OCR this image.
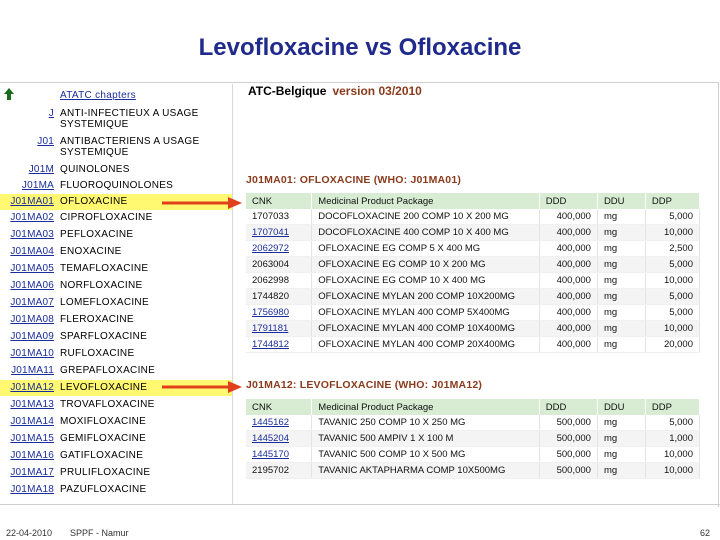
Levofloxacine vs Ofloxacine
ATATC chapters
J ANTI-INFECTIEUX A USAGE SYSTEMIQUE
J01 ANTIBACTERIENS A USAGE SYSTEMIQUE
J01M QUINOLONES
J01MA FLUOROQUINOLONES
J01MA01 OFLOXACINE
J01MA02 CIPROFLOXACINE
J01MA03 PEFLOXACINE
J01MA04 ENOXACINE
J01MA05 TEMAFLOXACINE
J01MA06 NORFLOXACINE
J01MA07 LOMEFLOXACINE
J01MA08 FLEROXACINE
J01MA09 SPARFLOXACINE
J01MA10 RUFLOXACINE
J01MA11 GREPAFLOXACINE
J01MA12 LEVOFLOXACINE
J01MA13 TROVAFLOXACINE
J01MA14 MOXIFLOXACINE
J01MA15 GEMIFLOXACINE
J01MA16 GATIFLOXACINE
J01MA17 PRULIFLOXACINE
J01MA18 PAZUFLOXACINE
ATC-Belgique version 03/2010
J01MA01: OFLOXACINE (WHO: J01MA01)
CNK	Medicinal Product Package	DDD	DDU	DDP
1707033	DOCOFLOXACINE 200 COMP 10 X 200 MG	400,000	mg	5,000
1707041	DOCOFLOXACINE 400 COMP 10 X 400 MG	400,000	mg	10,000
2062972	OFLOXACINE EG COMP 5 X 400 MG	400,000	mg	2,500
2063004	OFLOXACINE EG COMP 10 X 200 MG	400,000	mg	5,000
2062998	OFLOXACINE EG COMP 10 X 400 MG	400,000	mg	10,000
1744820	OFLOXACINE MYLAN 200 COMP 10X200MG	400,000	mg	5,000
1756980	OFLOXACINE MYLAN 400 COMP 5X400MG	400,000	mg	5,000
1791181	OFLOXACINE MYLAN 400 COMP 10X400MG	400,000	mg	10,000
1744812	OFLOXACINE MYLAN 400 COMP 20X400MG	400,000	mg	20,000
J01MA12: LEVOFLOXACINE (WHO: J01MA12)
CNK	Medicinal Product Package	DDD	DDU	DDP
1445162	TAVANIC 250 COMP 10 X 250 MG	500,000	mg	5,000
1445204	TAVANIC 500 AMPIV 1 X 100 M	500,000	mg	1,000
1445170	TAVANIC 500 COMP 10 X 500 MG	500,000	mg	10,000
2195702	TAVANIC AKTAPHARMA COMP 10X500MG	500,000	mg	10,000
22-04-2010 SPPF - Namur	62
